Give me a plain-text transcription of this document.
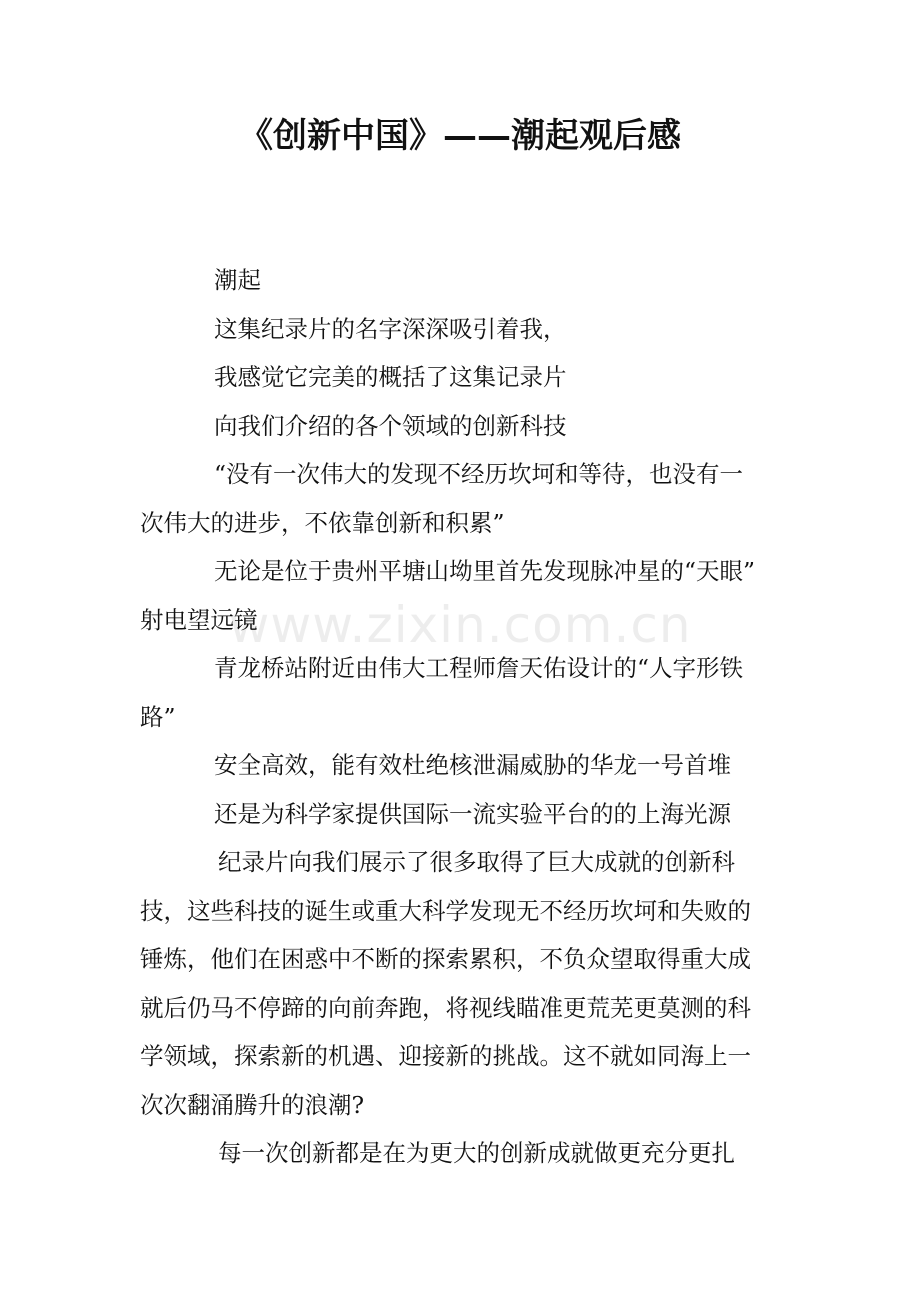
《创新中国》——潮起观后感

潮起

这集纪录片的名字深深吸引着我，

我感觉它完美的概括了这集记录片

向我们介绍的各个领域的创新科技

“没有一次伟大的发现不经历坎坷和等待，也没有一

次伟大的进步，不依靠创新和积累”

无论是位于贵州平塘山坳里首先发现脉冲星的“天眼”

射电望远镜

青龙桥站附近由伟大工程师詹天佑设计的“人字形铁

路”

安全高效，能有效杜绝核泄漏威胁的华龙一号首堆

还是为科学家提供国际一流实验平台的的上海光源

纪录片向我们展示了很多取得了巨大成就的创新科

技，这些科技的诞生或重大科学发现无不经历坎坷和失败的

锤炼，他们在困惑中不断的探索累积，不负众望取得重大成

就后仍马不停蹄的向前奔跑，将视线瞄准更荒芜更莫测的科

学领域，探索新的机遇、迎接新的挑战。这不就如同海上一

次次翻涌腾升的浪潮?

每一次创新都是在为更大的创新成就做更充分更扎

www.zixin.com.cn
